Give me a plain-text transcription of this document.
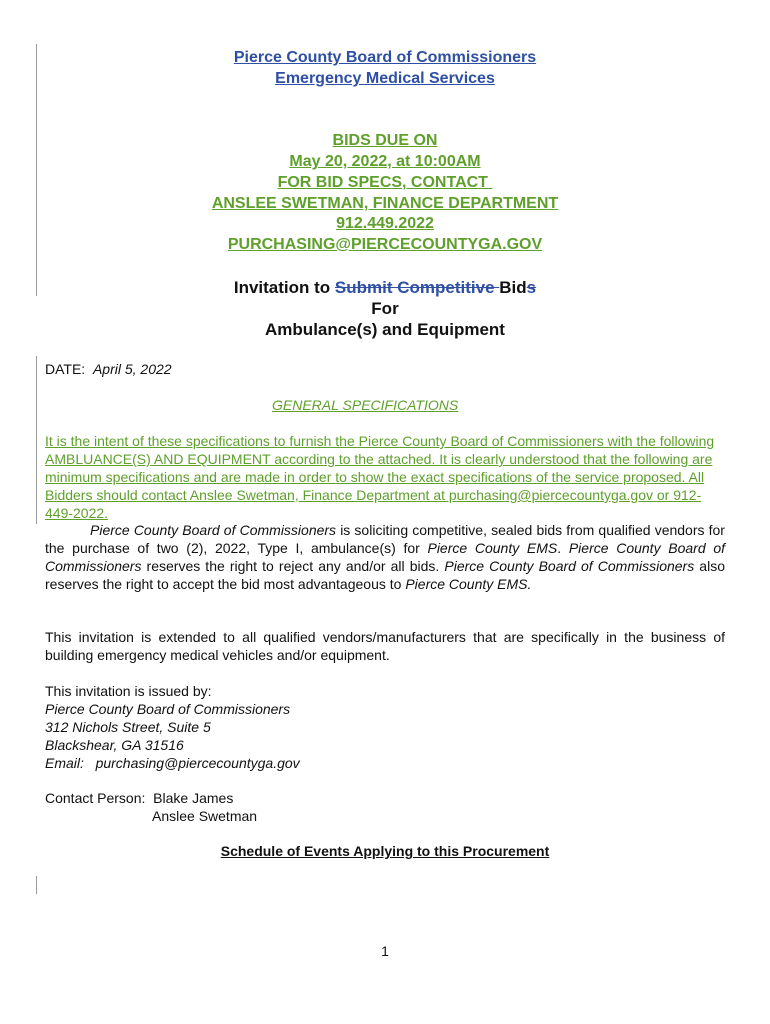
Pierce County Board of Commissioners
Emergency Medical Services
BIDS DUE ON
May 20, 2022, at 10:00AM
FOR BID SPECS, CONTACT
ANSLEE SWETMAN, FINANCE DEPARTMENT
912.449.2022
PURCHASING@PIERCECOUNTYGA.GOV
Invitation to Submit Competitive Bids
For
Ambulance(s) and Equipment
DATE:  April 5, 2022
GENERAL SPECIFICATIONS
It is the intent of these specifications to furnish the Pierce County Board of Commissioners with the following AMBLUANCE(S) AND EQUIPMENT according to the attached. It is clearly understood that the following are minimum specifications and are made in order to show the exact specifications of the service proposed. All Bidders should contact Anslee Swetman, Finance Department at purchasing@piercecountyga.gov or 912-449-2022.
Pierce County Board of Commissioners is soliciting competitive, sealed bids from qualified vendors for the purchase of two (2), 2022, Type I, ambulance(s) for Pierce County EMS. Pierce County Board of Commissioners reserves the right to reject any and/or all bids. Pierce County Board of Commissioners also reserves the right to accept the bid most advantageous to Pierce County EMS.
This invitation is extended to all qualified vendors/manufacturers that are specifically in the business of building emergency medical vehicles and/or equipment.
This invitation is issued by:
Pierce County Board of Commissioners
312 Nichols Street, Suite 5
Blackshear, GA 31516
Email:   purchasing@piercecountyga.gov
Contact Person:  Blake James
Anslee Swetman
Schedule of Events Applying to this Procurement
1
